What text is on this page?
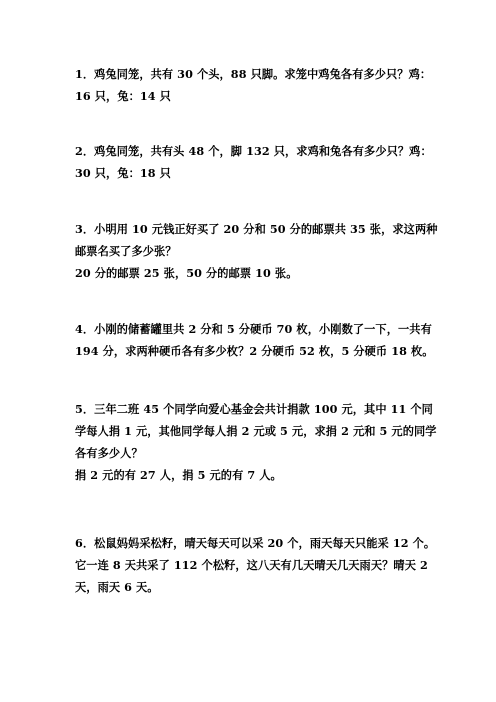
1．鸡兔同笼，共有 30 个头，88 只脚。求笼中鸡兔各有多少只？鸡：
16 只，兔：14 只
2．鸡兔同笼，共有头 48 个，脚 132 只，求鸡和兔各有多少只？鸡：
30 只，兔：18 只
3．小明用 10 元钱正好买了 20 分和 50 分的邮票共 35 张，求这两种
邮票名买了多少张？
20 分的邮票 25 张，50 分的邮票 10 张。
4．小刚的储蓄罐里共 2 分和 5 分硬币 70 枚，小刚数了一下，一共有
194 分，求两种硬币各有多少枚？2 分硬币 52 枚，5 分硬币 18 枚。
5．三年二班 45 个同学向爱心基金会共计捐款 100 元，其中 11 个同
学每人捐 1 元，其他同学每人捐 2 元或 5 元，求捐 2 元和 5 元的同学
各有多少人？
捐 2 元的有 27 人，捐 5 元的有 7 人。
6．松鼠妈妈采松籽，晴天每天可以采 20 个，雨天每天只能采 12 个。
它一连 8 天共采了 112 个松籽，这八天有几天晴天几天雨天？晴天 2
天，雨天 6 天。
